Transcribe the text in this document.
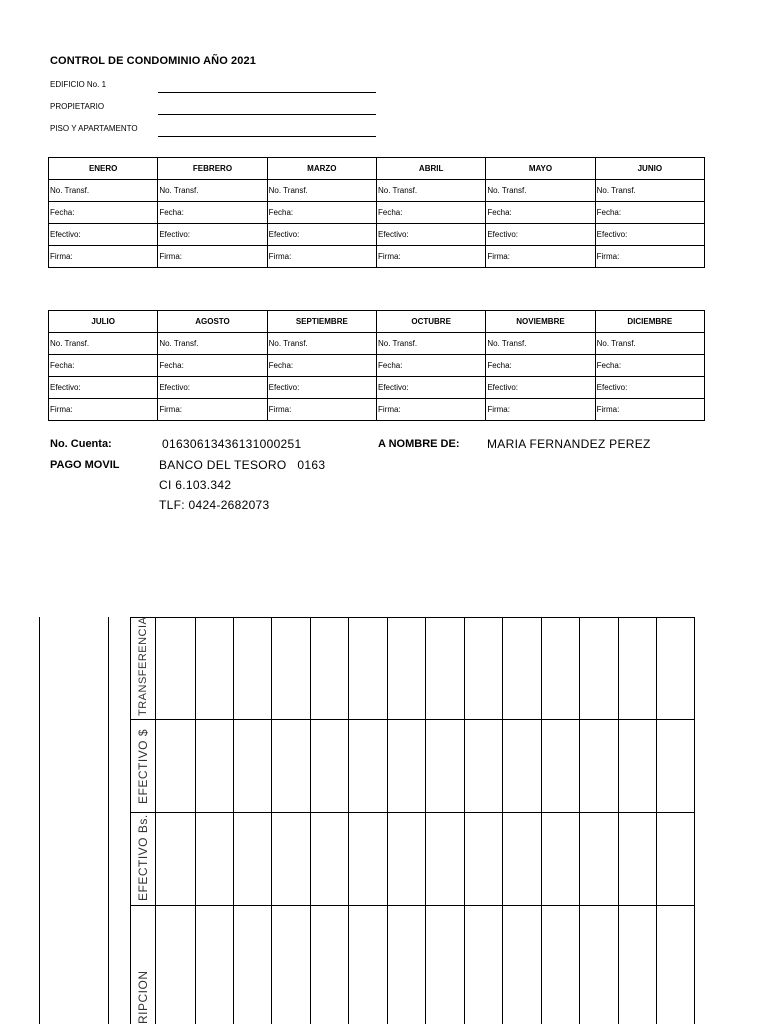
CONTROL DE CONDOMINIO AÑO 2021
EDIFICIO No. 1
PROPIETARIO
PISO Y APARTAMENTO
ENERO	FEBRERO	MARZO	ABRIL	MAYO	JUNIO
No. Transf.	No. Transf.	No. Transf.	No. Transf.	No. Transf.	No. Transf.
Fecha:	Fecha:	Fecha:	Fecha:	Fecha:	Fecha:
Efectivo:	Efectivo:	Efectivo:	Efectivo:	Efectivo:	Efectivo:
Firma:	Firma:	Firma:	Firma:	Firma:	Firma:
JULIO	AGOSTO	SEPTIEMBRE	OCTUBRE	NOVIEMBRE	DICIEMBRE
No. Transf.	No. Transf.	No. Transf.	No. Transf.	No. Transf.	No. Transf.
Fecha:	Fecha:	Fecha:	Fecha:	Fecha:	Fecha:
Efectivo:	Efectivo:	Efectivo:	Efectivo:	Efectivo:	Efectivo:
Firma:	Firma:	Firma:	Firma:	Firma:	Firma:
No. Cuenta:	01630613436131000251	A NOMBRE DE: MARIA FERNANDEZ PEREZ
PAGO MOVIL	BANCO DEL TESORO   0163
CI 6.103.342
TLF: 0424-2682073
TRANSFERENCIA
EFECTIVO $
EFECTIVO Bs.
RIPCION
